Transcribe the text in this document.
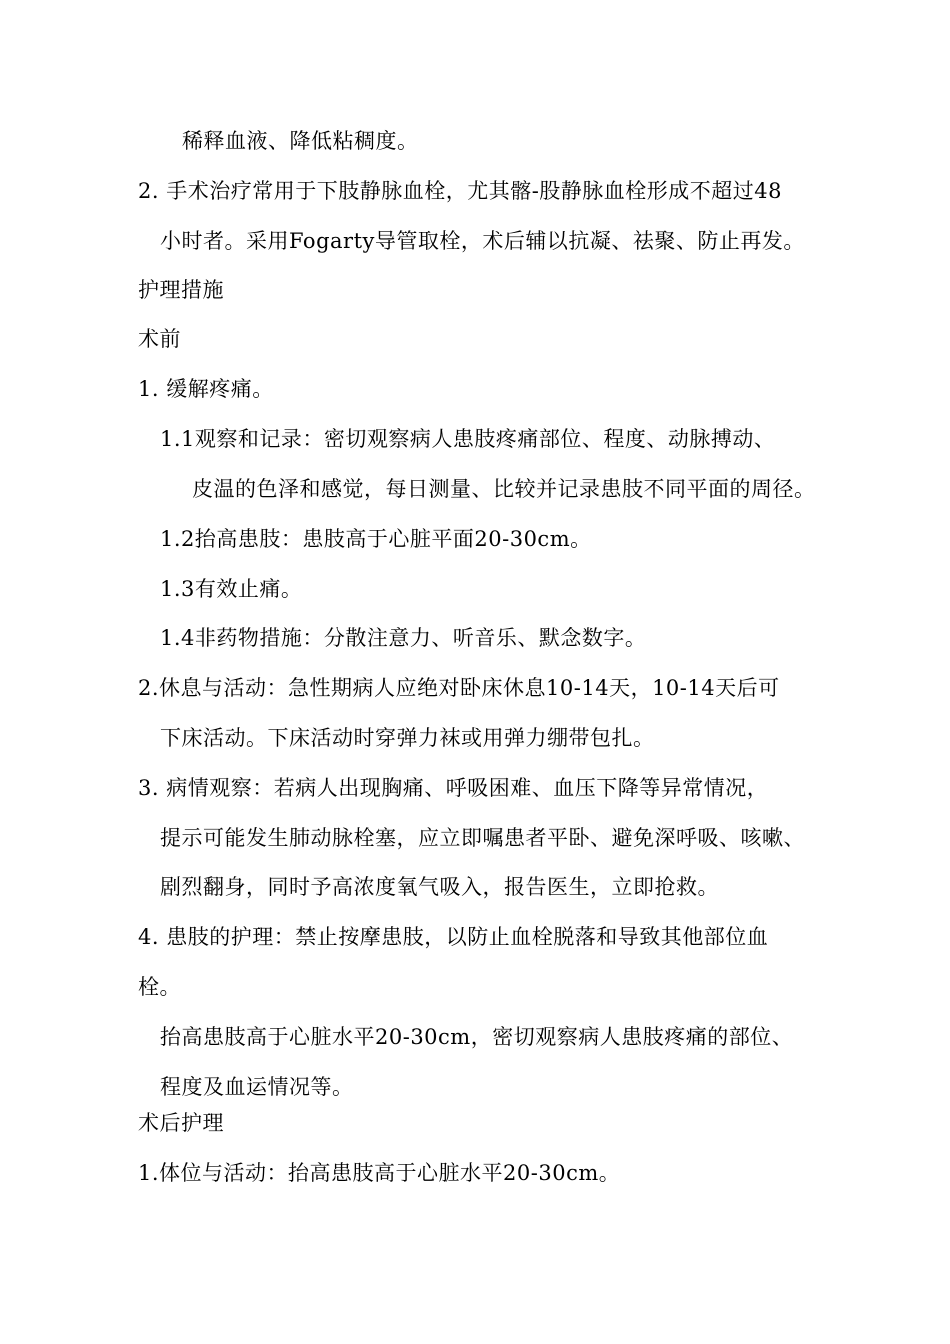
稀释血液、降低粘稠度。
2. 手术治疗常用于下肢静脉血栓，尤其髂-股静脉血栓形成不超过48
小时者。采用Fogarty导管取栓，术后辅以抗凝、祛聚、防止再发。
护理措施
术前
1. 缓解疼痛。
1.1观察和记录：密切观察病人患肢疼痛部位、程度、动脉搏动、
皮温的色泽和感觉，每日测量、比较并记录患肢不同平面的周径。
1.2抬高患肢：患肢高于心脏平面20-30cm。
1.3有效止痛。
1.4非药物措施：分散注意力、听音乐、默念数字。
2.休息与活动：急性期病人应绝对卧床休息10-14天，10-14天后可
下床活动。下床活动时穿弹力袜或用弹力绷带包扎。
3. 病情观察：若病人出现胸痛、呼吸困难、血压下降等异常情况，
提示可能发生肺动脉栓塞，应立即嘱患者平卧、避免深呼吸、咳嗽、
剧烈翻身，同时予高浓度氧气吸入，报告医生，立即抢救。
4. 患肢的护理：禁止按摩患肢，以防止血栓脱落和导致其他部位血
栓。
抬高患肢高于心脏水平20-30cm，密切观察病人患肢疼痛的部位、
程度及血运情况等。
术后护理
1.体位与活动：抬高患肢高于心脏水平20-30cm。
